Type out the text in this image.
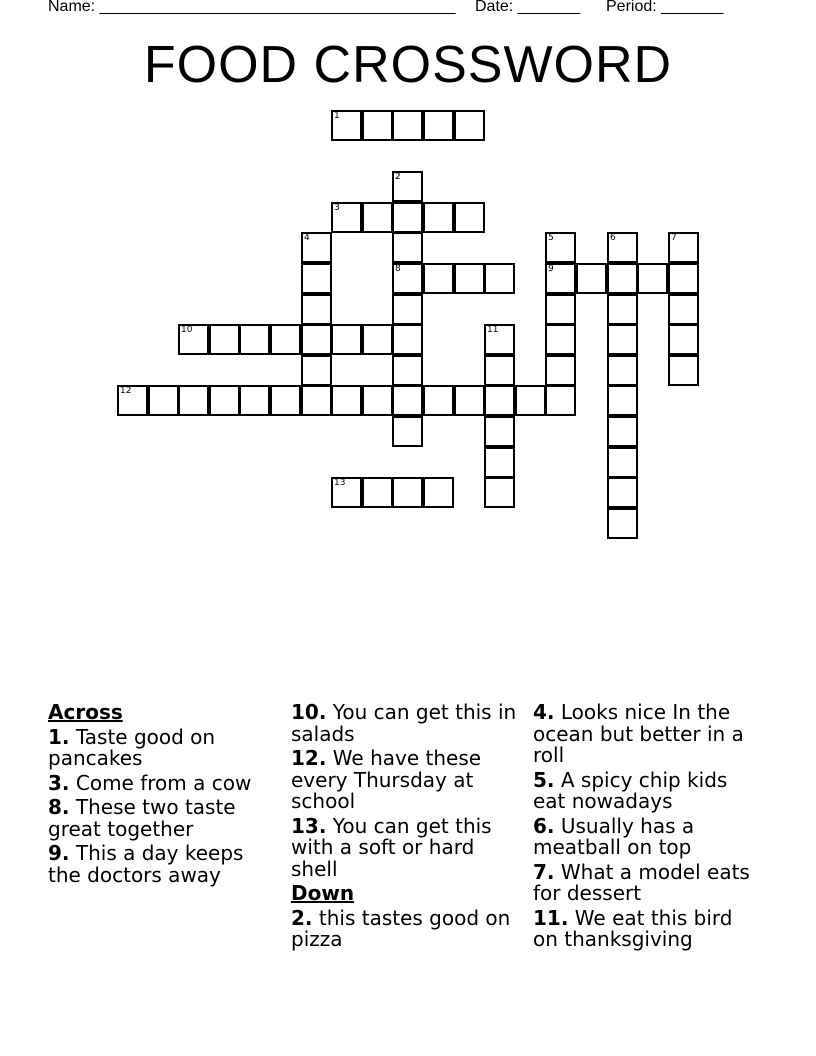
Name: ________________________________________ Date: _______ Period: _______
FOOD CROSSWORD
1
2
8
3
4	5
9
6	7
10	11
12
13
Across
1. Taste good on pancakes
3. Come from a cow
8. These two taste great together
9. This a day keeps the doctors away
10. You can get this in salads
12. We have these every Thursday at school
13. You can get this with a soft or hard shell
Down
2. this tastes good on pizza
4. Looks nice In the ocean but better in a roll
5. A spicy chip kids eat nowadays
6. Usually has a meatball on top
7. What a model eats for dessert
11. We eat this bird on thanksgiving
